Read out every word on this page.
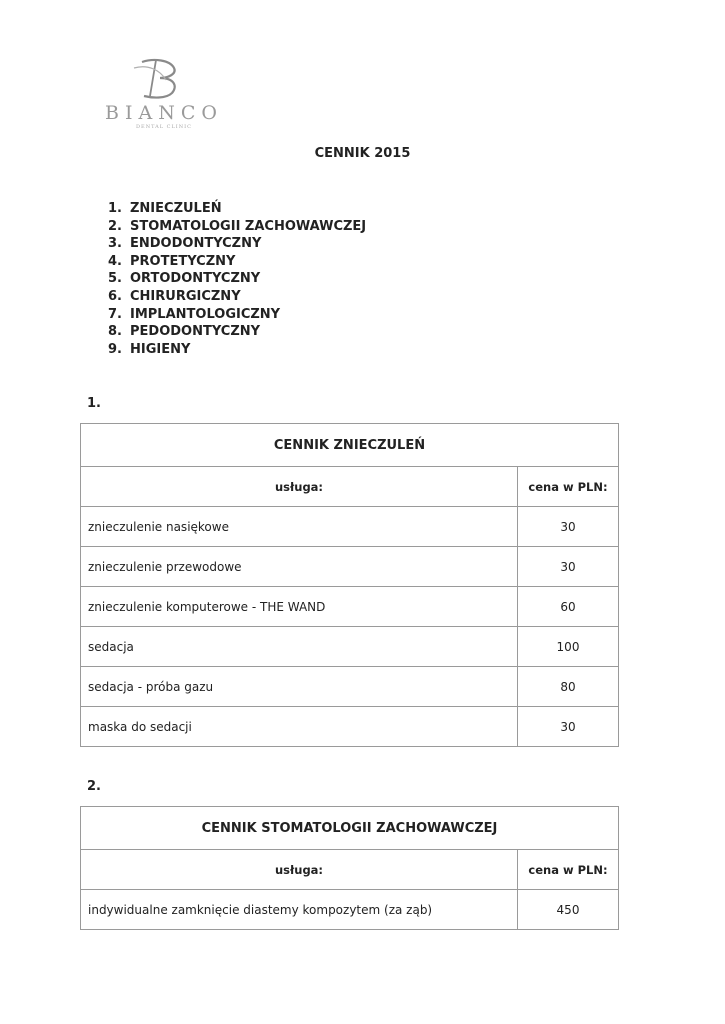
BIANCO
DENTAL CLINIC
CENNIK 2015
1. ZNIECZULEŃ
2. STOMATOLOGII ZACHOWAWCZEJ
3. ENDODONTYCZNY
4. PROTETYCZNY
5. ORTODONTYCZNY
6. CHIRURGICZNY
7. IMPLANTOLOGICZNY
8. PEDODONTYCZNY
9. HIGIENY
1.
CENNIK ZNIECZULEŃ	
usługa:	cena w PLN:
znieczulenie nasiękowe	30
znieczulenie przewodowe	30
znieczulenie komputerowe - THE WAND	60
sedacja	100
sedacja - próba gazu	80
maska do sedacji	30
2.
CENNIK STOMATOLOGII ZACHOWAWCZEJ	
usługa:	cena w PLN:
indywidualne zamknięcie diastemy kompozytem (za ząb)	450
